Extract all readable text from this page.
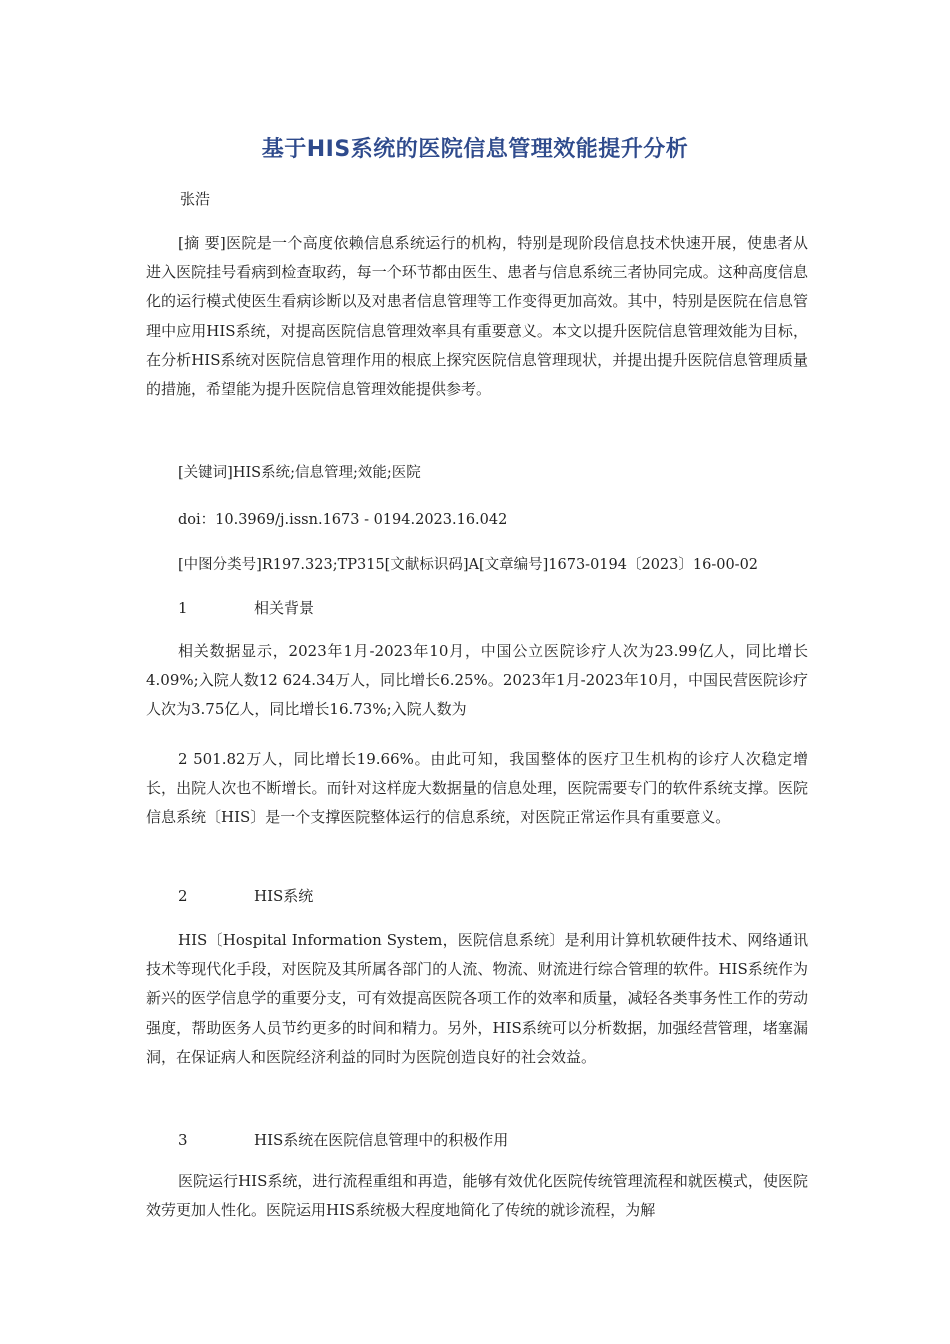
基于HIS系统的医院信息管理效能提升分析
张浩

[摘 要]医院是一个高度依赖信息系统运行的机构，特别是现阶段信息技术快速开展，使患者从进入医院挂号看病到检查取药，每一个环节都由医生、患者与信息系统三者协同完成。这种高度信息化的运行模式使医生看病诊断以及对患者信息管理等工作变得更加高效。其中，特别是医院在信息管理中应用HIS系统，对提高医院信息管理效率具有重要意义。本文以提升医院信息管理效能为目标，在分析HIS系统对医院信息管理作用的根底上探究医院信息管理现状，并提出提升医院信息管理质量的措施，希望能为提升医院信息管理效能提供参考。

[关键词]HIS系统;信息管理;效能;医院
doi：10.3969/j.issn.1673 - 0194.2023.16.042
[中图分类号]R197.323;TP315[文献标识码]A[文章编号]1673-0194〔2023〕16-00-02
1	相关背景

相关数据显示，2023年1月-2023年10月，中国公立医院诊疗人次为23.99亿人，同比增长4.09%;入院人数12 624.34万人，同比增长6.25%。2023年1月-2023年10月，中国民营医院诊疗人次为3.75亿人，同比增长16.73%;入院人数为

2 501.82万人，同比增长19.66%。由此可知，我国整体的医疗卫生机构的诊疗人次稳定增长，出院人次也不断增长。而针对这样庞大数据量的信息处理，医院需要专门的软件系统支撑。医院信息系统〔HIS〕是一个支撑医院整体运行的信息系统，对医院正常运作具有重要意义。

2	HIS系统

HIS〔Hospital Information System，医院信息系统〕是利用计算机软硬件技术、网络通讯技术等现代化手段，对医院及其所属各部门的人流、物流、财流进行综合管理的软件。HIS系统作为新兴的医学信息学的重要分支，可有效提高医院各项工作的效率和质量，减轻各类事务性工作的劳动强度，帮助医务人员节约更多的时间和精力。另外，HIS系统可以分析数据，加强经营管理，堵塞漏洞，在保证病人和医院经济利益的同时为医院创造良好的社会效益。

3	HIS系统在医院信息管理中的积极作用

医院运行HIS系统，进行流程重组和再造，能够有效优化医院传统管理流程和就医模式，使医院效劳更加人性化。医院运用HIS系统极大程度地简化了传统的就诊流程，为解
